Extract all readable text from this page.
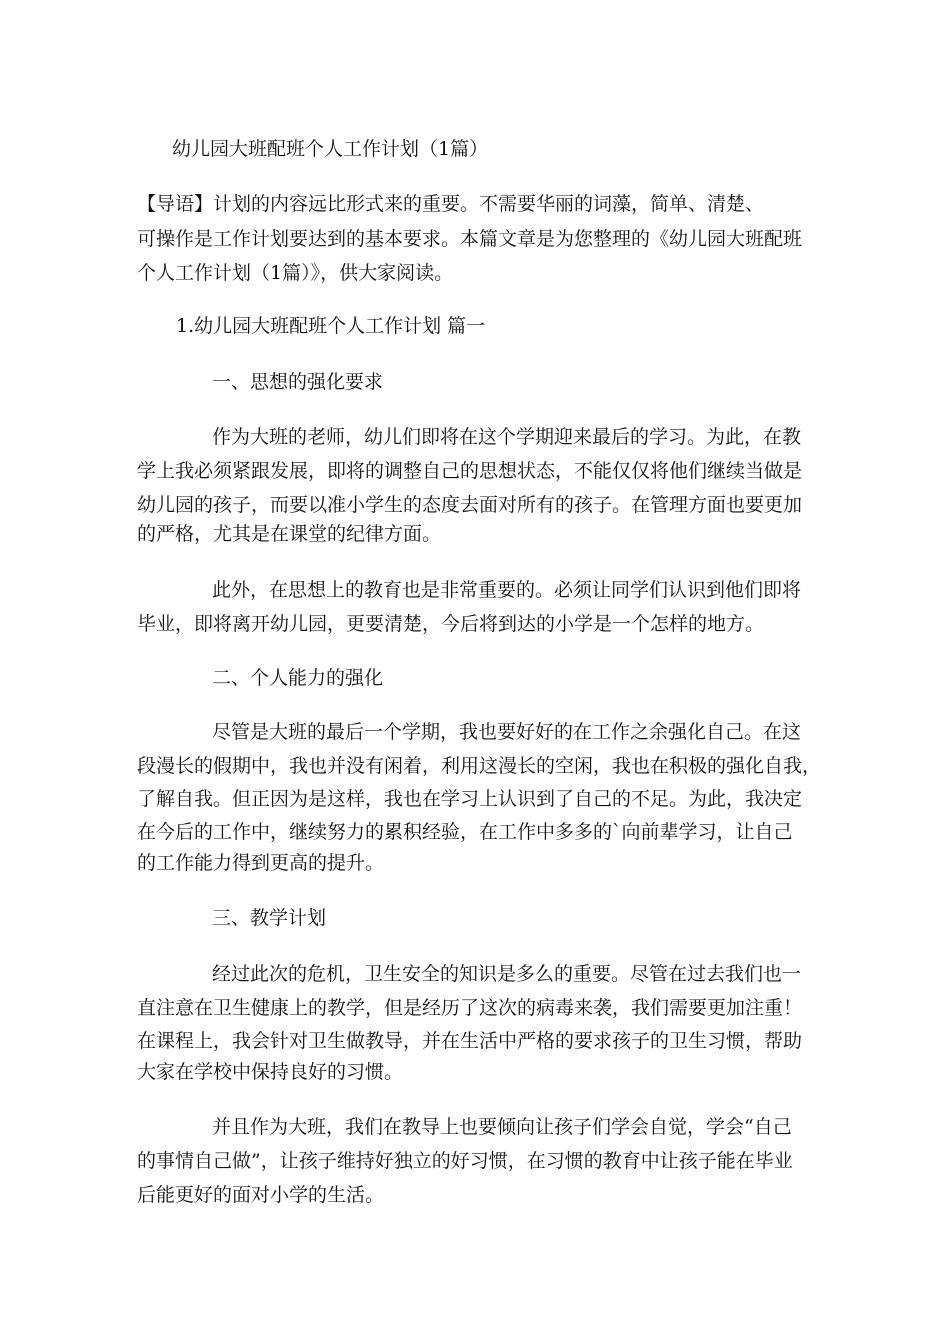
幼儿园大班配班个人工作计划（1篇）
【导语】计划的内容远比形式来的重要。不需要华丽的词藻，简单、清楚、
可操作是工作计划要达到的基本要求。本篇文章是为您整理的《幼儿园大班配班
个人工作计划（1篇）》，供大家阅读。
1.幼儿园大班配班个人工作计划 篇一
一、思想的强化要求
作为大班的老师，幼儿们即将在这个学期迎来最后的学习。为此，在教
学上我必须紧跟发展，即将的调整自己的思想状态，不能仅仅将他们继续当做是
幼儿园的孩子，而要以准小学生的态度去面对所有的孩子。在管理方面也要更加
的严格，尤其是在课堂的纪律方面。
此外，在思想上的教育也是非常重要的。必须让同学们认识到他们即将
毕业，即将离开幼儿园，更要清楚，今后将到达的小学是一个怎样的地方。
二、个人能力的强化
尽管是大班的最后一个学期，我也要好好的在工作之余强化自己。在这
段漫长的假期中，我也并没有闲着，利用这漫长的空闲，我也在积极的强化自我，
了解自我。但正因为是这样，我也在学习上认识到了自己的不足。为此，我决定
在今后的工作中，继续努力的累积经验，在工作中多多的`向前辈学习，让自己
的工作能力得到更高的提升。
三、教学计划
经过此次的危机，卫生安全的知识是多么的重要。尽管在过去我们也一
直注意在卫生健康上的教学，但是经历了这次的病毒来袭，我们需要更加注重！
在课程上，我会针对卫生做教导，并在生活中严格的要求孩子的卫生习惯，帮助
大家在学校中保持良好的习惯。
并且作为大班，我们在教导上也要倾向让孩子们学会自觉，学会“自己
的事情自己做”，让孩子维持好独立的好习惯，在习惯的教育中让孩子能在毕业
后能更好的面对小学的生活。
